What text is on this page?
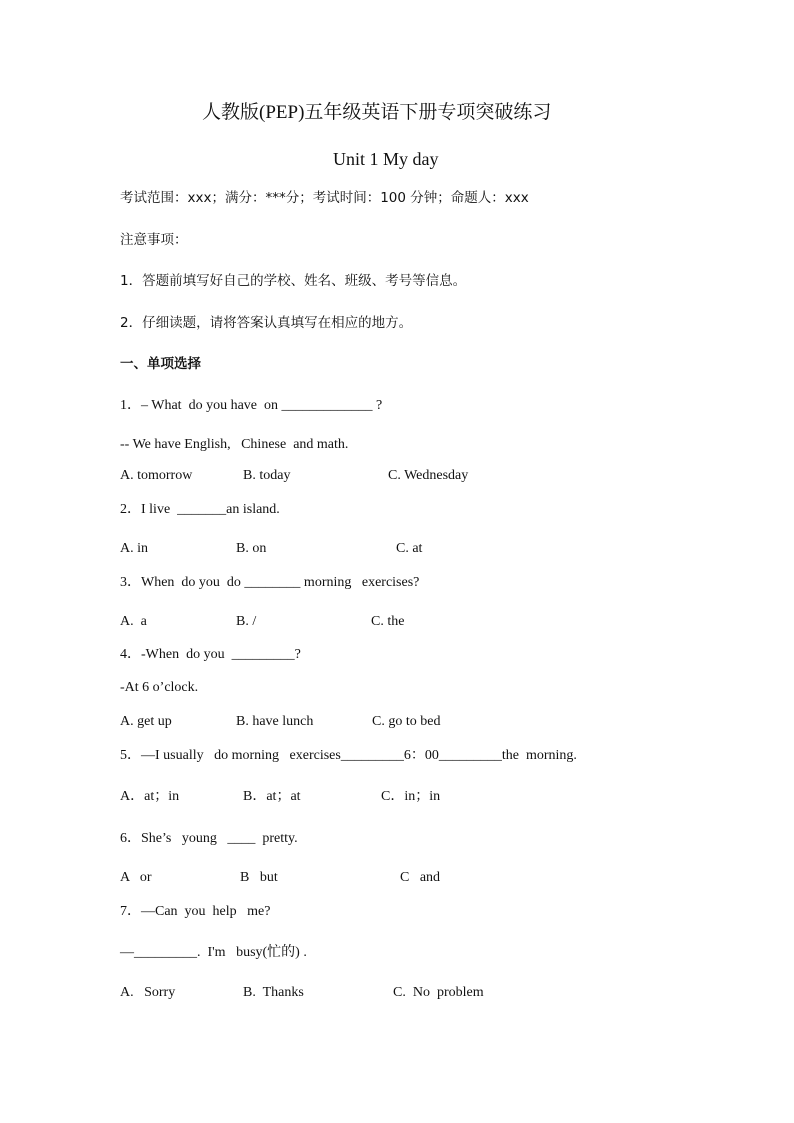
人教版(PEP)五年级英语下册专项突破练习
Unit 1 My day
考试范围：xxx；满分：***分；考试时间：100 分钟；命题人：xxx
注意事项：
1．答题前填写好自己的学校、姓名、班级、考号等信息。
2．仔细读题，请将答案认真填写在相应的地方。
一、单项选择
1．– What  do you have  on _____________ ?
-- We have English,   Chinese  and math.
A. tomorrow	B. today	C. Wednesday
2．I live  _______an island.
A. in	B. on	C. at
3．When  do you  do ________ morning   exercises?
A.  a	B. /	C. the
4．-When  do you  _________?
-At 6 o’clock.
A. get up	B. have lunch	C. go to bed
5．—I usually   do morning   exercises_________6：00_________the  morning.
A．at；in	B．at；at	C．in；in
6．She’s   young   ____  pretty.
A   or	B   but	C   and
7．—Can  you  help   me?
—_________.  I'm   busy(忙的) .
A.   Sorry	B.  Thanks	C.  No  problem
